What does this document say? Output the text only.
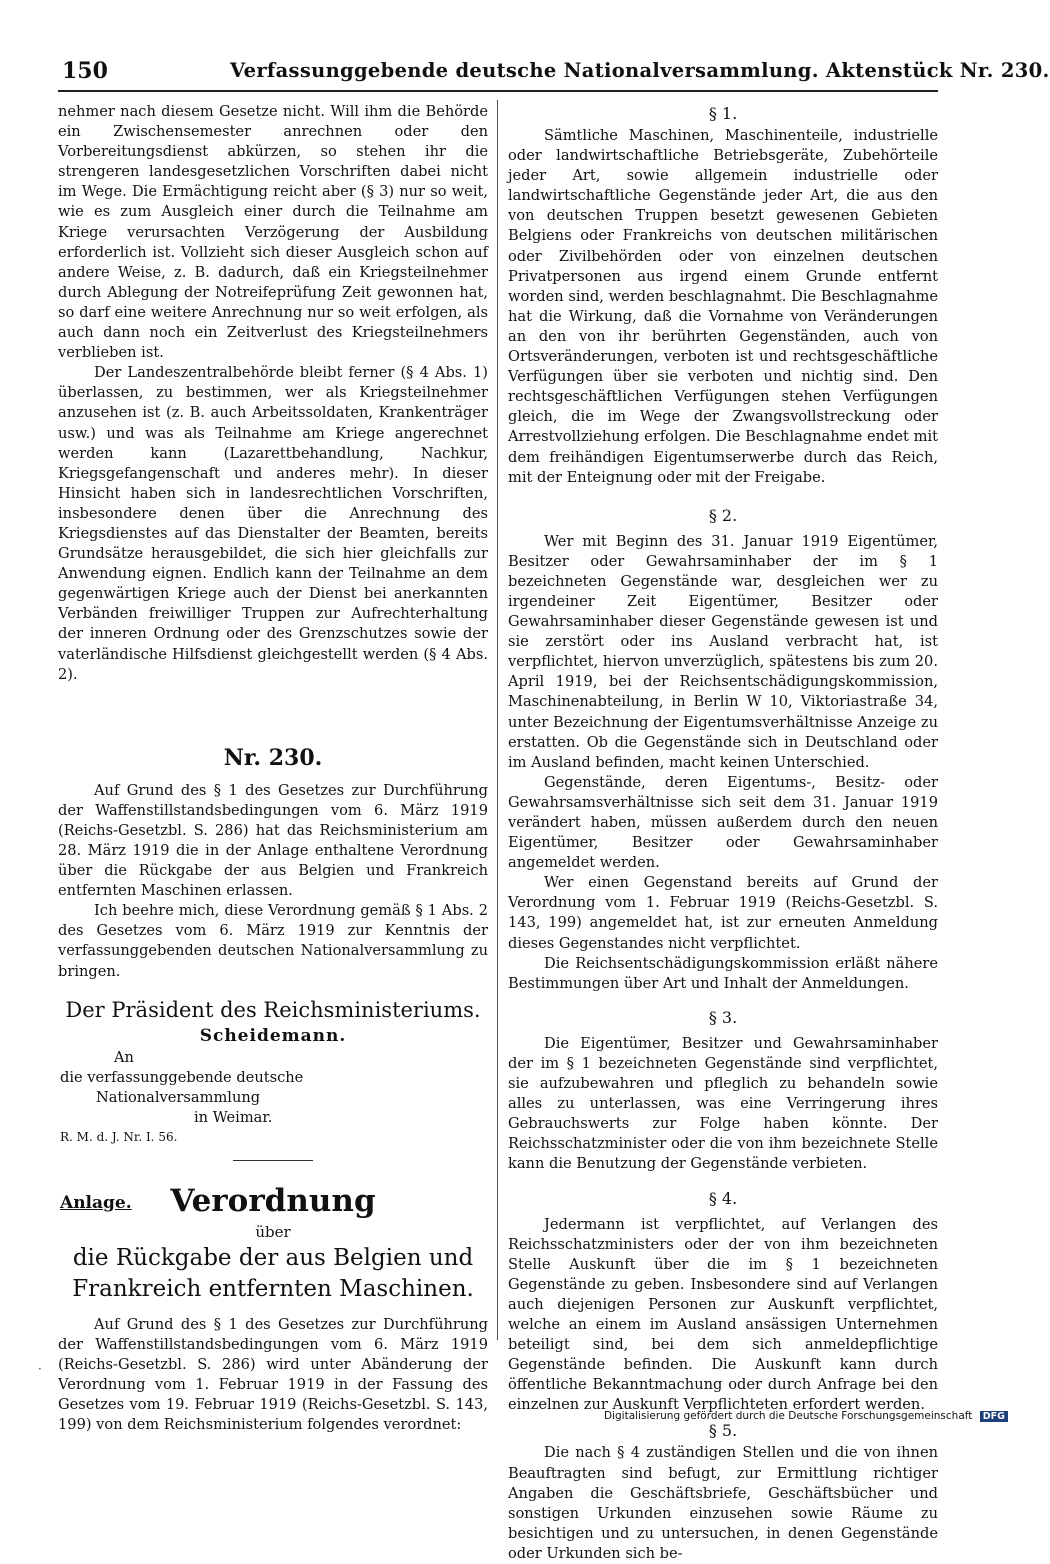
150	Verfassunggebende deutsche Nationalversammlung. Aktenstück Nr. 230.

nehmer nach diesem Gesetze nicht. Will ihm die Behörde ein Zwischensemester anrechnen oder den Vorbereitungsdienst abkürzen, so stehen ihr die strengeren landesgesetzlichen Vorschriften dabei nicht im Wege. Die Ermächtigung reicht aber (§ 3) nur so weit, wie es zum Ausgleich einer durch die Teilnahme am Kriege verursachten Verzögerung der Ausbildung erforderlich ist. Vollzieht sich dieser Ausgleich schon auf andere Weise, z. B. dadurch, daß ein Kriegsteilnehmer durch Ablegung der Notreifeprüfung Zeit gewonnen hat, so darf eine weitere Anrechnung nur so weit erfolgen, als auch dann noch ein Zeitverlust des Kriegsteilnehmers verblieben ist.

Der Landeszentralbehörde bleibt ferner (§ 4 Abs. 1) überlassen, zu bestimmen, wer als Kriegsteilnehmer anzusehen ist (z. B. auch Arbeitssoldaten, Krankenträger usw.) und was als Teilnahme am Kriege angerechnet werden kann (Lazarettbehandlung, Nachkur, Kriegsgefangenschaft und anderes mehr). In dieser Hinsicht haben sich in landesrechtlichen Vorschriften, insbesondere denen über die Anrechnung des Kriegsdienstes auf das Dienstalter der Beamten, bereits Grundsätze herausgebildet, die sich hier gleichfalls zur Anwendung eignen. Endlich kann der Teilnahme an dem gegenwärtigen Kriege auch der Dienst bei anerkannten Verbänden freiwilliger Truppen zur Aufrechterhaltung der inneren Ordnung oder des Grenzschutzes sowie der vaterländische Hilfsdienst gleichgestellt werden (§ 4 Abs. 2).

Nr. 230.

Auf Grund des § 1 des Gesetzes zur Durchführung der Waffenstillstandsbedingungen vom 6. März 1919 (Reichs-Gesetzbl. S. 286) hat das Reichsministerium am 28. März 1919 die in der Anlage enthaltene Verordnung über die Rückgabe der aus Belgien und Frankreich entfernten Maschinen erlassen.

Ich beehre mich, diese Verordnung gemäß § 1 Abs. 2 des Gesetzes vom 6. März 1919 zur Kenntnis der verfassunggebenden deutschen Nationalversammlung zu bringen.

Der Präsident des Reichsministeriums.
Scheidemann.
An
die verfassunggebende deutsche
Nationalversammlung
in Weimar.
R. M. d. J. Nr. I. 56.
Anlage.	Verordnung
über
die Rückgabe der aus Belgien und Frankreich entfernten Maschinen.

Auf Grund des § 1 des Gesetzes zur Durchführung der Waffenstillstandsbedingungen vom 6. März 1919 (Reichs-Gesetzbl. S. 286) wird unter Abänderung der Verordnung vom 1. Februar 1919 in der Fassung des Gesetzes vom 19. Februar 1919 (Reichs-Gesetzbl. S. 143, 199) von dem Reichsministerium folgendes verordnet:

§ 1.

Sämtliche Maschinen, Maschinenteile, industrielle oder landwirtschaftliche Betriebsgeräte, Zubehörteile jeder Art, sowie allgemein industrielle oder landwirtschaftliche Gegenstände jeder Art, die aus den von deutschen Truppen besetzt gewesenen Gebieten Belgiens oder Frankreichs von deutschen militärischen oder Zivilbehörden oder von einzelnen deutschen Privatpersonen aus irgend einem Grunde entfernt worden sind, werden beschlagnahmt. Die Beschlagnahme hat die Wirkung, daß die Vornahme von Veränderungen an den von ihr berührten Gegenständen, auch von Ortsveränderungen, verboten ist und rechtsgeschäftliche Verfügungen über sie verboten und nichtig sind. Den rechtsgeschäftlichen Verfügungen stehen Verfügungen gleich, die im Wege der Zwangsvollstreckung oder Arrestvollziehung erfolgen. Die Beschlagnahme endet mit dem freihändigen Eigentumserwerbe durch das Reich, mit der Enteignung oder mit der Freigabe.

§ 2.

Wer mit Beginn des 31. Januar 1919 Eigentümer, Besitzer oder Gewahrsaminhaber der im § 1 bezeichneten Gegenstände war, desgleichen wer zu irgendeiner Zeit Eigentümer, Besitzer oder Gewahrsaminhaber dieser Gegenstände gewesen ist und sie zerstört oder ins Ausland verbracht hat, ist verpflichtet, hiervon unverzüglich, spätestens bis zum 20. April 1919, bei der Reichsentschädigungskommission, Maschinenabteilung, in Berlin W 10, Viktoriastraße 34, unter Bezeichnung der Eigentumsverhältnisse Anzeige zu erstatten. Ob die Gegenstände sich in Deutschland oder im Ausland befinden, macht keinen Unterschied.

Gegenstände, deren Eigentums-, Besitz- oder Gewahrsamsverhältnisse sich seit dem 31. Januar 1919 verändert haben, müssen außerdem durch den neuen Eigentümer, Besitzer oder Gewahrsaminhaber angemeldet werden.

Wer einen Gegenstand bereits auf Grund der Verordnung vom 1. Februar 1919 (Reichs-Gesetzbl. S. 143, 199) angemeldet hat, ist zur erneuten Anmeldung dieses Gegenstandes nicht verpflichtet.

Die Reichsentschädigungskommission erläßt nähere Bestimmungen über Art und Inhalt der Anmeldungen.

§ 3.

Die Eigentümer, Besitzer und Gewahrsaminhaber der im § 1 bezeichneten Gegenstände sind verpflichtet, sie aufzubewahren und pfleglich zu behandeln sowie alles zu unterlassen, was eine Verringerung ihres Gebrauchswerts zur Folge haben könnte. Der Reichsschatzminister oder die von ihm bezeichnete Stelle kann die Benutzung der Gegenstände verbieten.

§ 4.

Jedermann ist verpflichtet, auf Verlangen des Reichsschatzministers oder der von ihm bezeichneten Stelle Auskunft über die im § 1 bezeichneten Gegenstände zu geben. Insbesondere sind auf Verlangen auch diejenigen Personen zur Auskunft verpflichtet, welche an einem im Ausland ansässigen Unternehmen beteiligt sind, bei dem sich anmeldepflichtige Gegenstände befinden. Die Auskunft kann durch öffentliche Bekanntmachung oder durch Anfrage bei den einzelnen zur Auskunft Verpflichteten erfordert werden.

§ 5.

Die nach § 4 zuständigen Stellen und die von ihnen Beauftragten sind befugt, zur Ermittlung richtiger Angaben die Geschäftsbriefe, Geschäftsbücher und sonstigen Urkunden einzusehen sowie Räume zu besichtigen und zu untersuchen, in denen Gegenstände oder Urkunden sich be-

·
Digitalisierung gefördert durch die Deutsche Forschungsgemeinschaft DFG
